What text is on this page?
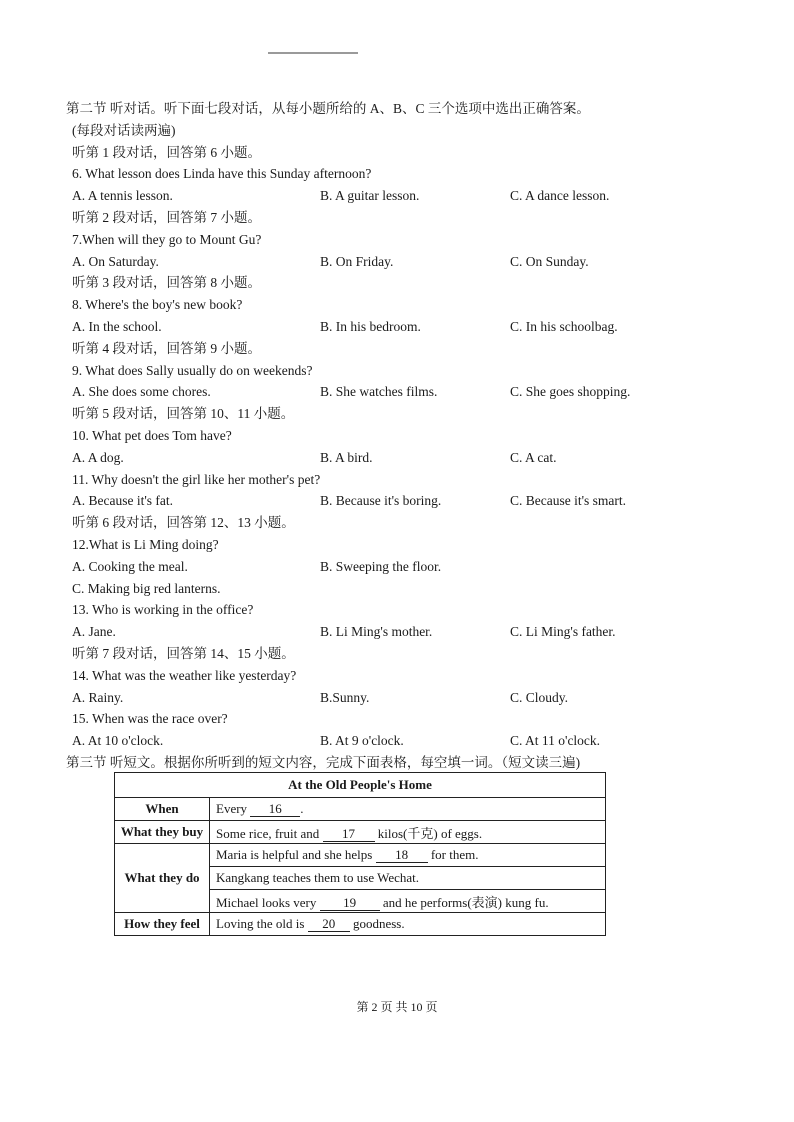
第二节 听对话。听下面七段对话，从每小题所给的 A、B、C 三个选项中选出正确答案。
(每段对话读两遍)
听第 1 段对话，回答第 6 小题。
6. What lesson does Linda have this Sunday afternoon?
A. A tennis lesson.	B. A guitar lesson.	C. A dance lesson.
听第 2 段对话，回答第 7 小题。
7.When will they go to Mount Gu?
A. On Saturday.	B. On Friday.	C. On Sunday.
听第 3 段对话，回答第 8 小题。
8. Where's the boy's new book?
A. In the school.	B. In his bedroom.	C. In his schoolbag.
听第 4 段对话，回答第 9 小题。
9. What does Sally usually do on weekends?
A. She does some chores.	B. She watches films.	C. She goes shopping.
听第 5 段对话，回答第 10、11 小题。
10. What pet does Tom have?
A. A dog.	B. A bird.	C. A cat.
11. Why doesn't the girl like her mother's pet?
A. Because it's fat.	B. Because it's boring.	C. Because it's smart.
听第 6 段对话，回答第 12、13 小题。
12.What is Li Ming doing?
A. Cooking the meal.	B. Sweeping the floor.
C. Making big red lanterns.
13. Who is working in the office?
A. Jane.	B. Li Ming's mother.	C. Li Ming's father.
听第 7 段对话，回答第 14、15 小题。
14. What was the weather like yesterday?
A. Rainy.	B.Sunny.	C. Cloudy.
15. When was the race over?
A. At 10 o'clock.	B. At 9 o'clock.	C. At 11 o'clock.
第三节 听短文。根据你所听到的短文内容，完成下面表格，每空填一词。（短文读三遍)
At the Old People's Home	
When	Every 16 .
What they buy	Some rice, fruit and 17 kilos(千克) of eggs.
What they do	Maria is helpful and she helps 18 for them.
	Kangkang teaches them to use Wechat.
	Michael looks very 19 and he performs(表演) kung fu.
How they feel	Loving the old is 20 goodness.
第 2 页 共 10 页
